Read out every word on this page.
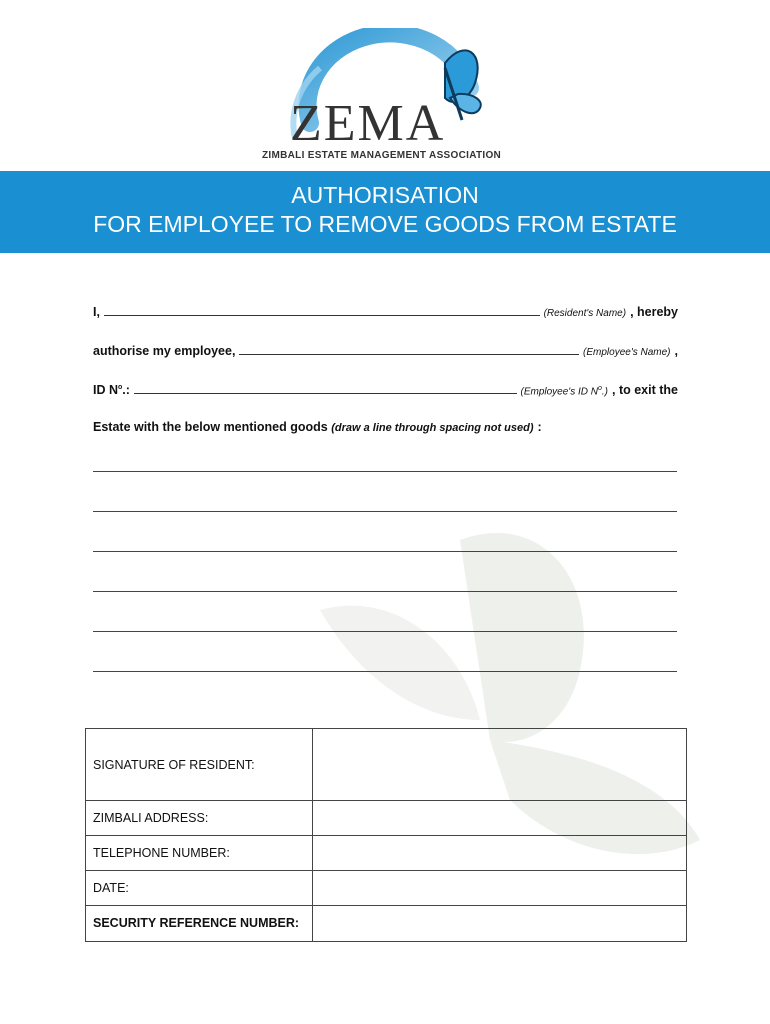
ZEMA
ZIMBALI ESTATE MANAGEMENT ASSOCIATION
AUTHORISATION
FOR EMPLOYEE TO REMOVE GOODS FROM ESTATE
I,	(Resident's Name) , hereby
authorise my employee,	(Employee's Name) ,
ID $N^o$.:	(Employee's ID $N^o$.) , to exit the
Estate with the below mentioned goods
(draw a line through spacing not used) :
SIGNATURE OF RESIDENT:	
ZIMBALI ADDRESS:	
TELEPHONE NUMBER:	
DATE:	
SECURITY REFERENCE NUMBER:	
